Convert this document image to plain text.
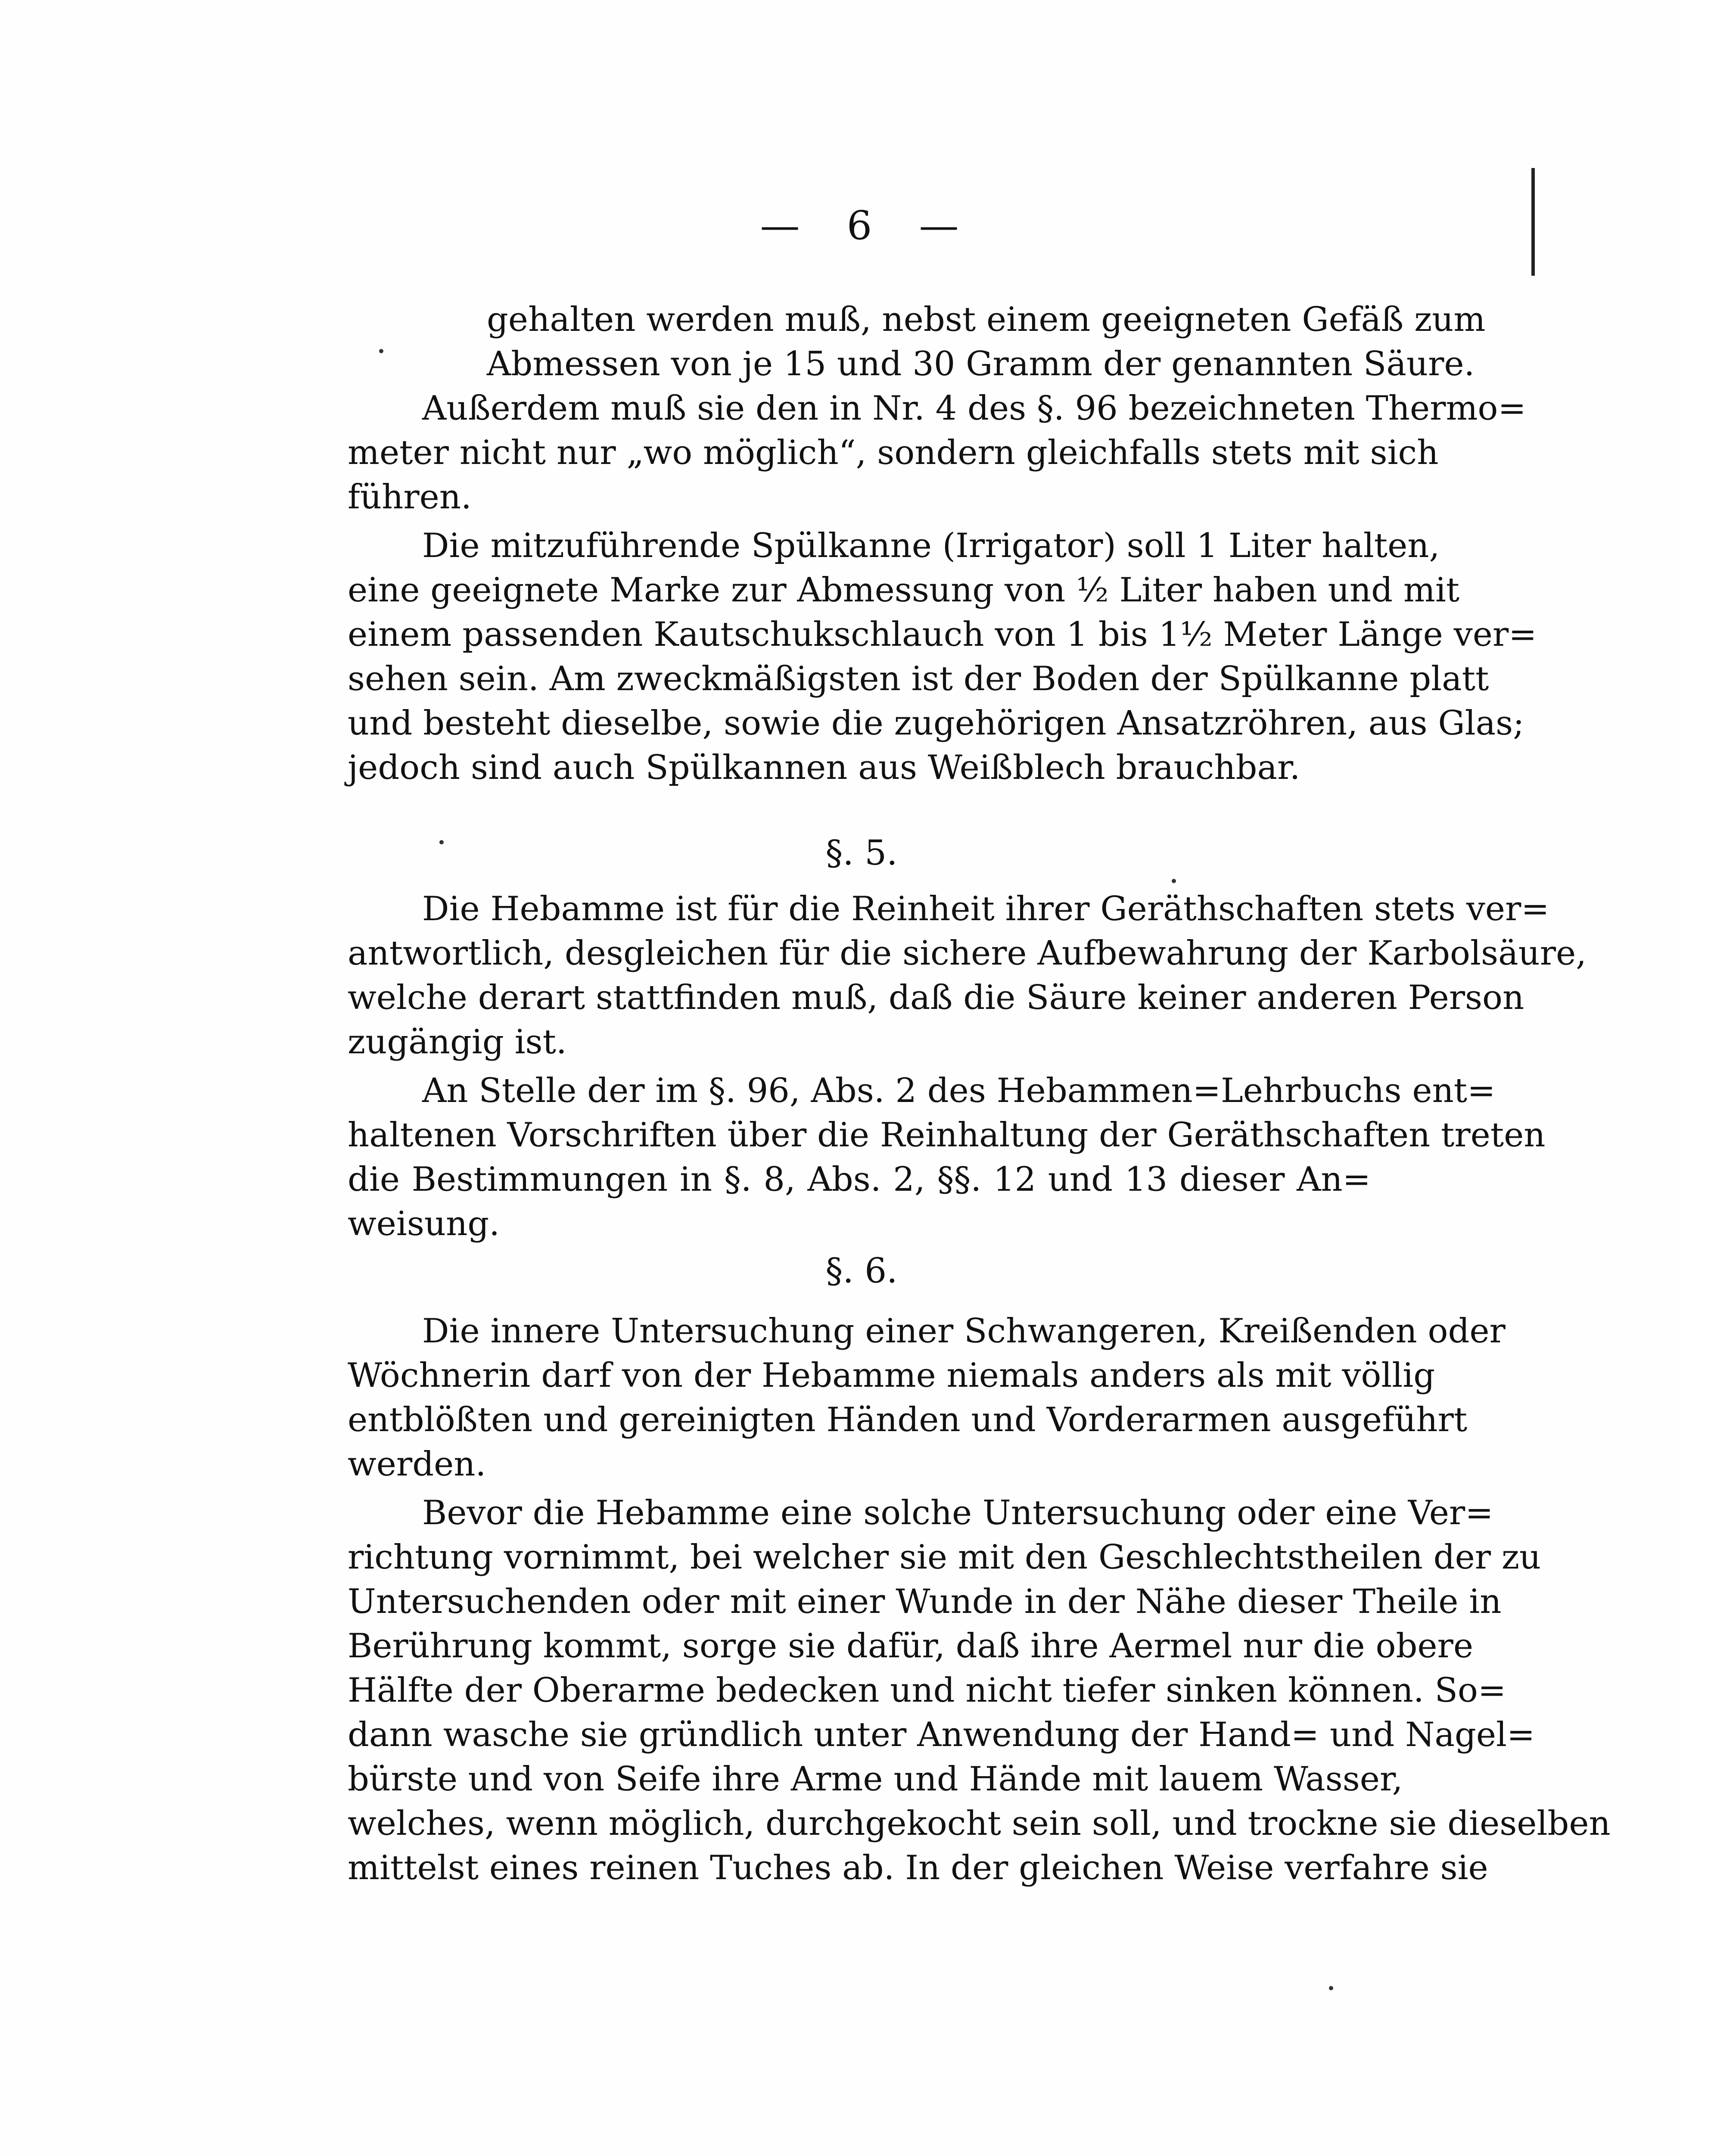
— 6 —
gehalten werden muß, nebst einem geeigneten Gefäß zum
Abmessen von je 15 und 30 Gramm der genannten Säure.
Außerdem muß sie den in Nr. 4 des §. 96 bezeichneten Thermo=
meter nicht nur „wo möglich“, sondern gleichfalls stets mit sich
führen.
Die mitzuführende Spülkanne (Irrigator) soll 1 Liter halten,
eine geeignete Marke zur Abmessung von ½ Liter haben und mit
einem passenden Kautschukschlauch von 1 bis 1½ Meter Länge ver=
sehen sein. Am zweckmäßigsten ist der Boden der Spülkanne platt
und besteht dieselbe, sowie die zugehörigen Ansatzröhren, aus Glas;
jedoch sind auch Spülkannen aus Weißblech brauchbar.
§. 5.
Die Hebamme ist für die Reinheit ihrer Geräthschaften stets ver=
antwortlich, desgleichen für die sichere Aufbewahrung der Karbolsäure,
welche derart stattfinden muß, daß die Säure keiner anderen Person
zugängig ist.
An Stelle der im §. 96, Abs. 2 des Hebammen=Lehrbuchs ent=
haltenen Vorschriften über die Reinhaltung der Geräthschaften treten
die Bestimmungen in §. 8, Abs. 2, §§. 12 und 13 dieser An=
weisung.
§. 6.
Die innere Untersuchung einer Schwangeren, Kreißenden oder
Wöchnerin darf von der Hebamme niemals anders als mit völlig
entblößten und gereinigten Händen und Vorderarmen ausgeführt
werden.
Bevor die Hebamme eine solche Untersuchung oder eine Ver=
richtung vornimmt, bei welcher sie mit den Geschlechtstheilen der zu
Untersuchenden oder mit einer Wunde in der Nähe dieser Theile in
Berührung kommt, sorge sie dafür, daß ihre Aermel nur die obere
Hälfte der Oberarme bedecken und nicht tiefer sinken können. So=
dann wasche sie gründlich unter Anwendung der Hand= und Nagel=
bürste und von Seife ihre Arme und Hände mit lauem Wasser,
welches, wenn möglich, durchgekocht sein soll, und trockne sie dieselben
mittelst eines reinen Tuches ab. In der gleichen Weise verfahre sie
